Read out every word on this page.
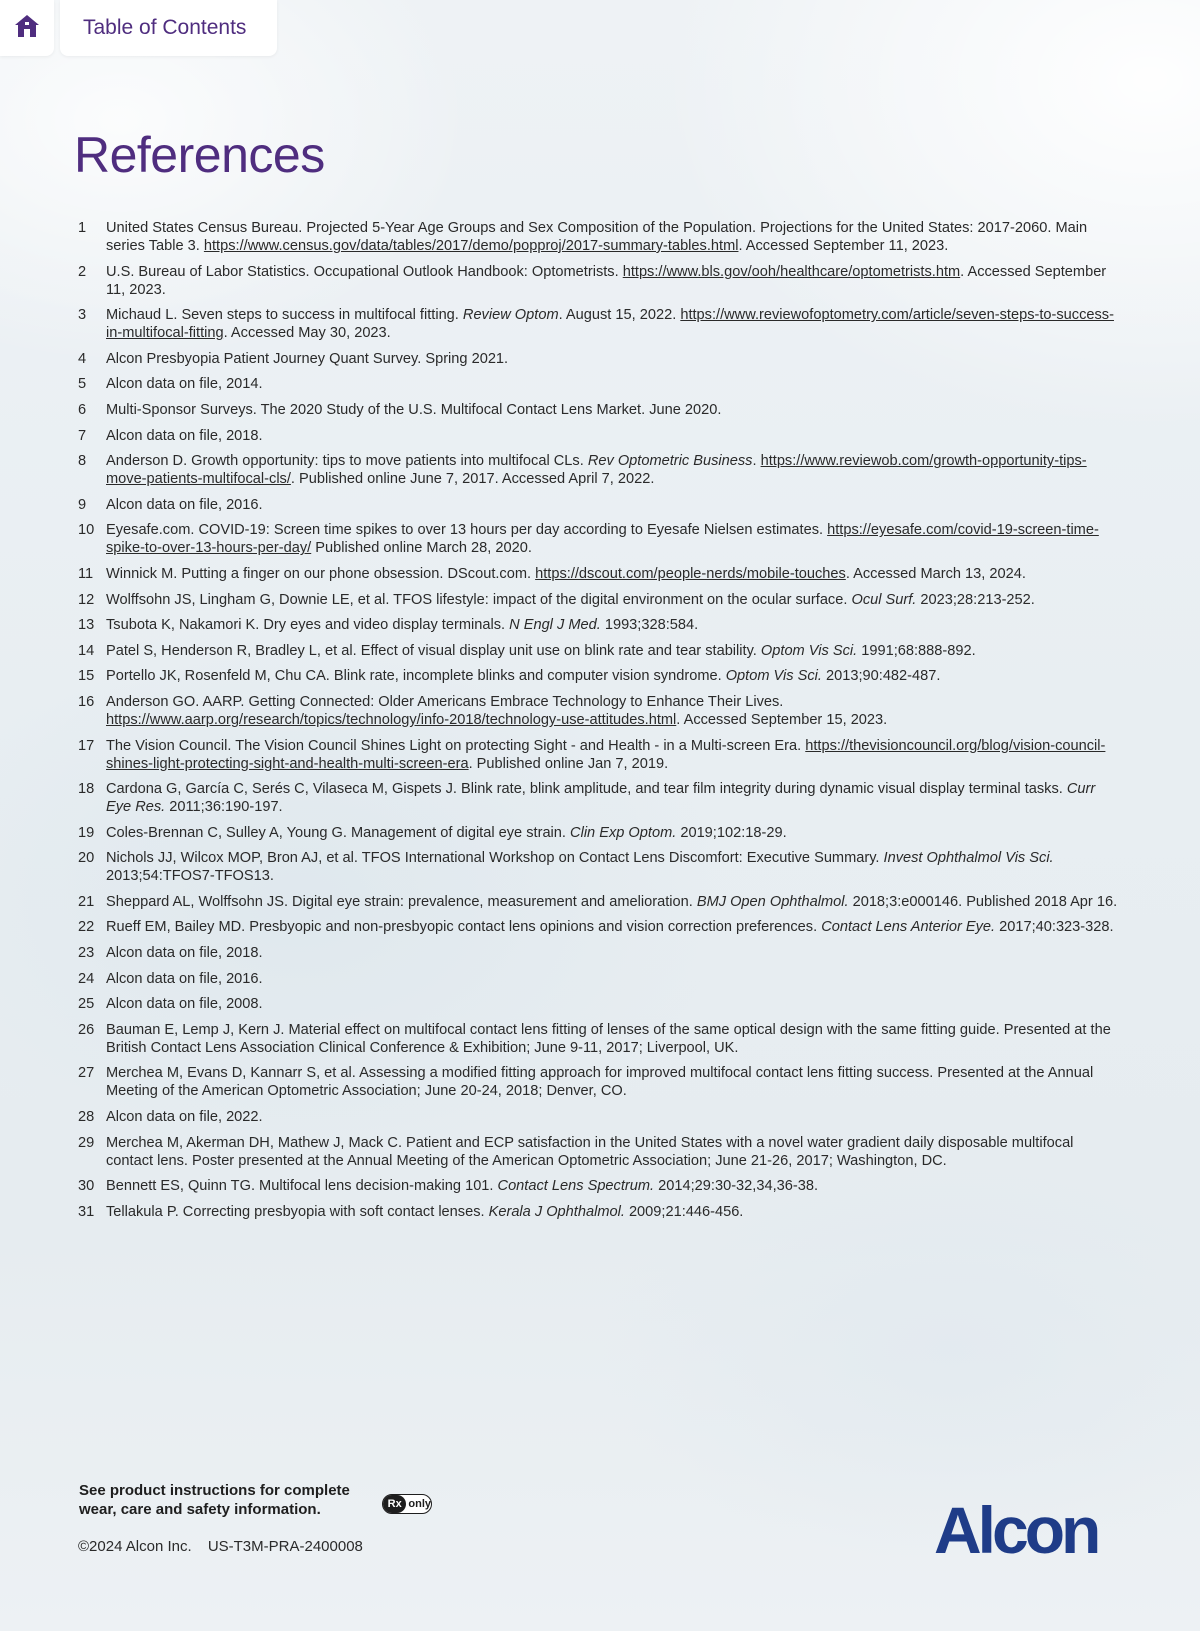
Table of Contents
References
1	United States Census Bureau. Projected 5-Year Age Groups and Sex Composition of the Population. Projections for the United States: 2017-2060. Main series Table 3. https://www.census.gov/data/tables/2017/demo/popproj/2017-summary-tables.html. Accessed September 11, 2023.
2	U.S. Bureau of Labor Statistics. Occupational Outlook Handbook: Optometrists. https://www.bls.gov/ooh/healthcare/optometrists.htm. Accessed September 11, 2023.
3	Michaud L. Seven steps to success in multifocal fitting. Review Optom. August 15, 2022. https://www.reviewofoptometry.com/article/seven-steps-to-success-in-multifocal-fitting. Accessed May 30, 2023.
4	Alcon Presbyopia Patient Journey Quant Survey. Spring 2021.
5	Alcon data on file, 2014.
6	Multi-Sponsor Surveys. The 2020 Study of the U.S. Multifocal Contact Lens Market. June 2020.
7	Alcon data on file, 2018.
8	Anderson D. Growth opportunity: tips to move patients into multifocal CLs. Rev Optometric Business. https://www.reviewob.com/growth-opportunity-tips-move-patients-multifocal-cls/. Published online June 7, 2017. Accessed April 7, 2022.
9	Alcon data on file, 2016.
10 Eyesafe.com. COVID-19: Screen time spikes to over 13 hours per day according to Eyesafe Nielsen estimates. https://eyesafe.com/covid-19-screen-time-spike-to-over-13-hours-per-day/ Published online March 28, 2020.
11 Winnick M. Putting a finger on our phone obsession. DScout.com. https://dscout.com/people-nerds/mobile-touches. Accessed March 13, 2024.
12 Wolffsohn JS, Lingham G, Downie LE, et al. TFOS lifestyle: impact of the digital environment on the ocular surface. Ocul Surf. 2023;28:213-252.
13 Tsubota K, Nakamori K. Dry eyes and video display terminals. N Engl J Med. 1993;328:584.
14 Patel S, Henderson R, Bradley L, et al. Effect of visual display unit use on blink rate and tear stability. Optom Vis Sci. 1991;68:888-892.
15 Portello JK, Rosenfeld M, Chu CA. Blink rate, incomplete blinks and computer vision syndrome. Optom Vis Sci. 2013;90:482-487.
16 Anderson GO. AARP. Getting Connected: Older Americans Embrace Technology to Enhance Their Lives. https://www.aarp.org/research/topics/technology/info-2018/technology-use-attitudes.html. Accessed September 15, 2023.
17 The Vision Council. The Vision Council Shines Light on protecting Sight - and Health - in a Multi-screen Era. https://thevisioncouncil.org/blog/vision-council-shines-light-protecting-sight-and-health-multi-screen-era. Published online Jan 7, 2019.
18 Cardona G, García C, Serés C, Vilaseca M, Gispets J. Blink rate, blink amplitude, and tear film integrity during dynamic visual display terminal tasks. Curr Eye Res. 2011;36:190-197.
19 Coles-Brennan C, Sulley A, Young G. Management of digital eye strain. Clin Exp Optom. 2019;102:18-29.
20 Nichols JJ, Wilcox MOP, Bron AJ, et al. TFOS International Workshop on Contact Lens Discomfort: Executive Summary. Invest Ophthalmol Vis Sci. 2013;54:TFOS7-TFOS13.
21 Sheppard AL, Wolffsohn JS. Digital eye strain: prevalence, measurement and amelioration. BMJ Open Ophthalmol. 2018;3:e000146. Published 2018 Apr 16.
22 Rueff EM, Bailey MD. Presbyopic and non-presbyopic contact lens opinions and vision correction preferences. Contact Lens Anterior Eye. 2017;40:323-328.
23 Alcon data on file, 2018.
24 Alcon data on file, 2016.
25 Alcon data on file, 2008.
26 Bauman E, Lemp J, Kern J. Material effect on multifocal contact lens fitting of lenses of the same optical design with the same fitting guide. Presented at the British Contact Lens Association Clinical Conference & Exhibition; June 9-11, 2017; Liverpool, UK.
27 Merchea M, Evans D, Kannarr S, et al. Assessing a modified fitting approach for improved multifocal contact lens fitting success. Presented at the Annual Meeting of the American Optometric Association; June 20-24, 2018; Denver, CO.
28 Alcon data on file, 2022.
29 Merchea M, Akerman DH, Mathew J, Mack C. Patient and ECP satisfaction in the United States with a novel water gradient daily disposable multifocal contact lens. Poster presented at the Annual Meeting of the American Optometric Association; June 21-26, 2017; Washington, DC.
30 Bennett ES, Quinn TG. Multifocal lens decision-making 101. Contact Lens Spectrum. 2014;29:30-32,34,36-38.
31 Tellakula P. Correcting presbyopia with soft contact lenses. Kerala J Ophthalmol. 2009;21:446-456.

See product instructions for complete wear, care and safety information.	Rx only
©2024 Alcon Inc. US-T3M-PRA-2400008	Alcon
